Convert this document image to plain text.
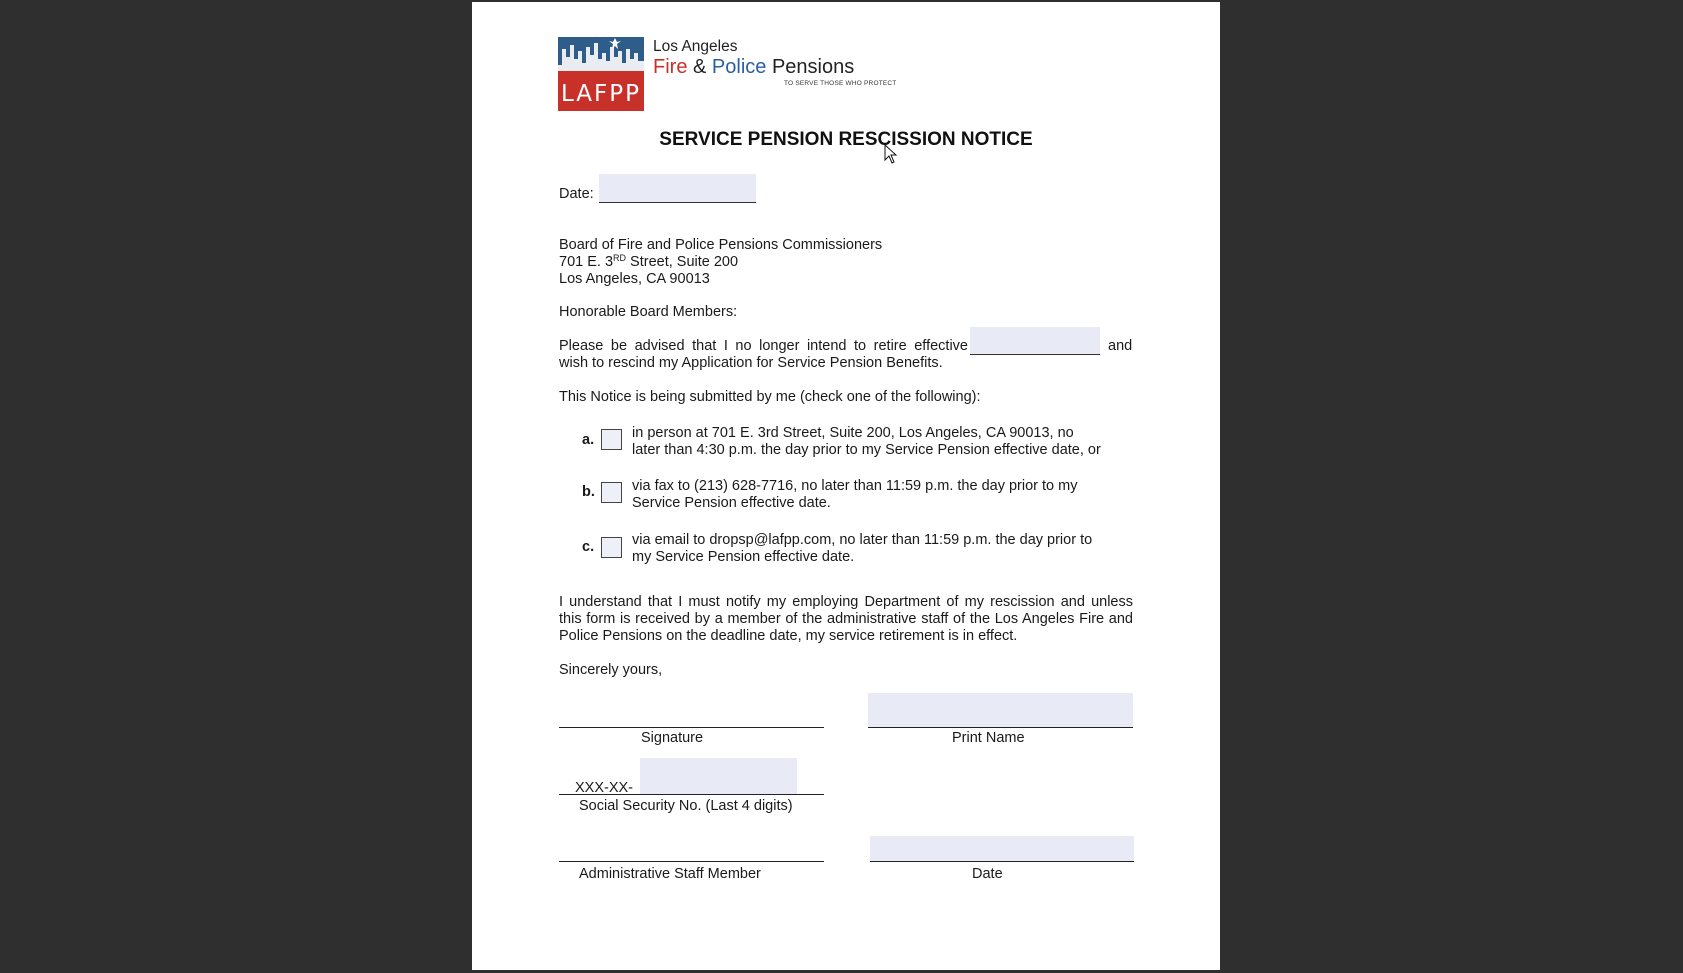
LAFPP
Los Angeles
Fire & Police Pensions
TO SERVE THOSE WHO PROTECT
SERVICE PENSION RESCISSION NOTICE
Date:
Board of Fire and Police Pensions Commissioners
701 E. 3RD Street, Suite 200
Los Angeles, CA 90013
Honorable Board Members:
Please be advised that I no longer intend to retire effective	and
wish to rescind my Application for Service Pension Benefits.
This Notice is being submitted by me (check one of the following):
a.	in person at 701 E. 3rd Street, Suite 200, Los Angeles, CA 90013, no
later than 4:30 p.m. the day prior to my Service Pension effective date, or
b.	via fax to (213) 628-7716, no later than 11:59 p.m. the day prior to my
Service Pension effective date.
c.	via email to dropsp@lafpp.com, no later than 11:59 p.m. the day prior to
my Service Pension effective date.
I understand that I must notify my employing Department of my rescission and unless
this form is received by a member of the administrative staff of the Los Angeles Fire and
Police Pensions on the deadline date, my service retirement is in effect.
Sincerely yours,
Signature	Print Name
XXX-XX-
Social Security No. (Last 4 digits)
Administrative Staff Member	Date
